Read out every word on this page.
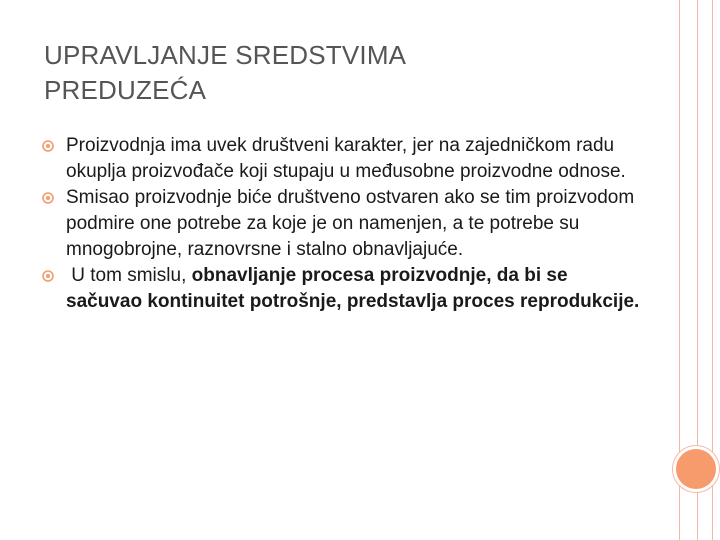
UPRAVLJANJE SREDSTVIMA
PREDUZEĆA

Proizvodnja ima uvek društveni karakter, jer na zajedničkom radu okuplja proizvođače koji stupaju u međusobne proizvodne odnose.

Smisao proizvodnje biće društveno ostvaren ako se tim proizvodom podmire one potrebe za koje je on namenjen, a te potrebe su mnogobrojne, raznovrsne i stalno obnavljajuće.

U tom smislu, obnavljanje procesa proizvodnje, da bi se sačuvao kontinuitet potrošnje, predstavlja proces reprodukcije.
